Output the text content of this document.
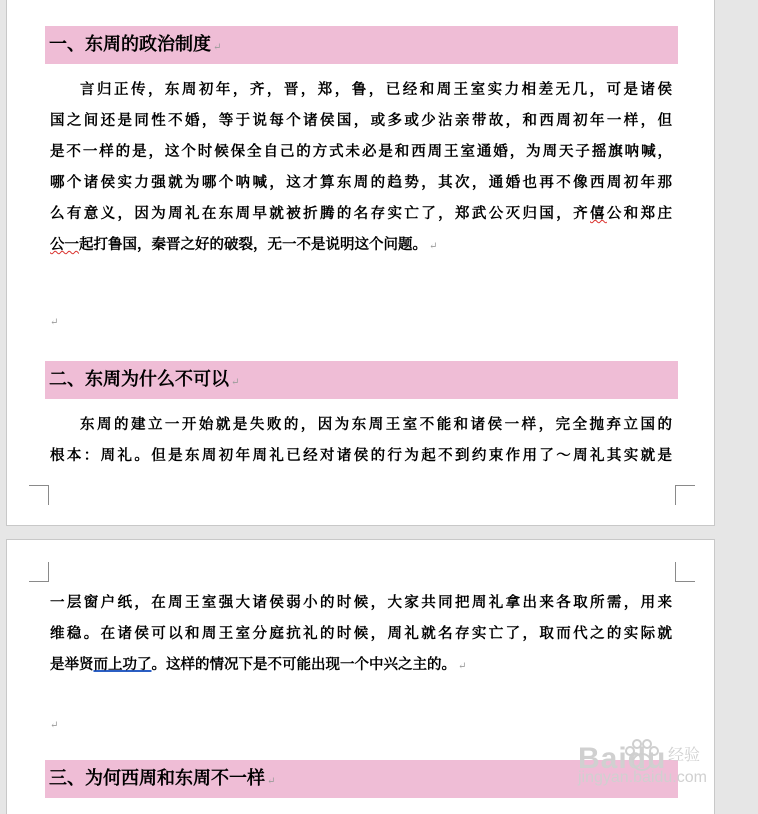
一、东周的政治制度 ↵
言归正传，东周初年，齐，晋，郑，鲁，已经和周王室实力相差无几，可是诸侯
国之间还是同性不婚，等于说每个诸侯国，或多或少沾亲带故，和西周初年一样，但
是不一样的是，这个时候保全自己的方式未必是和西周王室通婚，为周天子摇旗呐喊，
哪个诸侯实力强就为哪个呐喊，这才算东周的趋势，其次，通婚也再不像西周初年那
么有意义，因为周礼在东周早就被折腾的名存实亡了，郑武公灭归国，齐僖公和郑庄
公一起打鲁国，秦晋之好的破裂，无一不是说明这个问题。 ↵
↵
二、东周为什么不可以 ↵
东周的建立一开始就是失败的，因为东周王室不能和诸侯一样，完全抛弃立国的
根本：周礼。但是东周初年周礼已经对诸侯的行为起不到约束作用了～周礼其实就是
一层窗户纸，在周王室强大诸侯弱小的时候，大家共同把周礼拿出来各取所需，用来
维稳。在诸侯可以和周王室分庭抗礼的时候，周礼就名存实亡了，取而代之的实际就
是举贤而上功了。这样的情况下是不可能出现一个中兴之主的。 ↵
↵
三、为何西周和东周不一样 ↵
Baidu 经验
jingyan.baidu.com
